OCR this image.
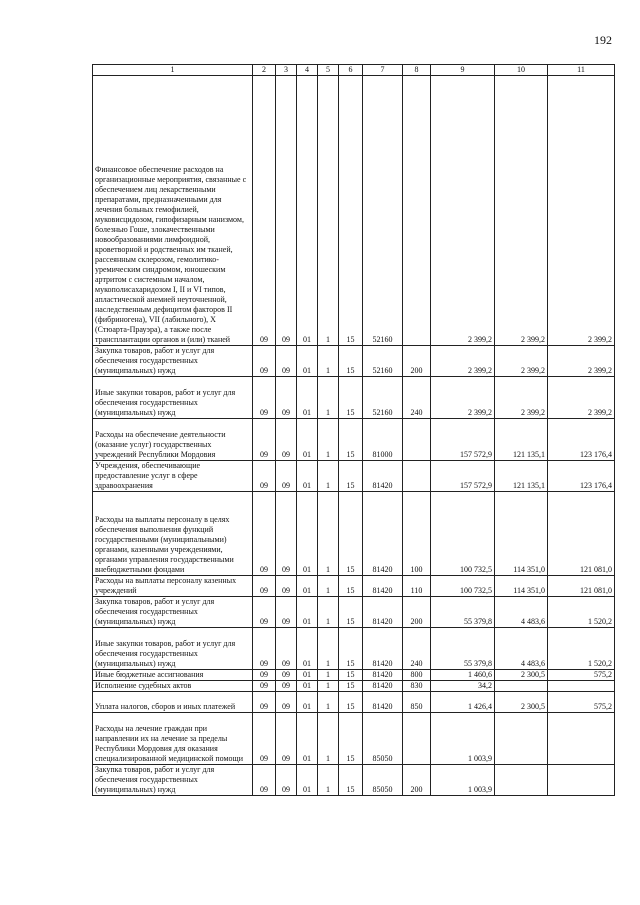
192
1	2	3	4	5	6	7	8	9	10	11
Финансовое обеспечение расходов на организационные мероприятия, связанные с обеспечением лиц лекарственными препаратами, предназначенными для лечения больных гемофилией, муковисцидозом, гипофизарным нанизмом, болезнью Гоше, злокачественными новообразованиями лимфоидной, кроветворной и родственных им тканей, рассеянным склерозом, гемолитико-уремическим синдромом, юношеским артритом с системным началом, мукополисахаридозом I, II и VI типов, апластической анемией неуточненной, наследственным дефицитом факторов II (фибриногена), VII (лабильного), X (Стюарта-Прауэра), а также после трансплантации органов и (или) тканей	09	09	01	1	15	52160		2 399,2	2 399,2	2 399,2
Закупка товаров, работ и услуг для обеспечения государственных (муниципальных) нужд	09	09	01	1	15	52160	200	2 399,2	2 399,2	2 399,2
Иные закупки товаров, работ и услуг для обеспечения государственных (муниципальных) нужд	09	09	01	1	15	52160	240	2 399,2	2 399,2	2 399,2
Расходы на обеспечение деятельности (оказание услуг) государственных учреждений Республики Мордовия	09	09	01	1	15	81000		157 572,9	121 135,1	123 176,4
Учреждения, обеспечивающие предоставление услуг в сфере здравоохранения	09	09	01	1	15	81420		157 572,9	121 135,1	123 176,4
Расходы на выплаты персоналу в целях обеспечения выполнения функций государственными (муниципальными) органами, казенными учреждениями, органами управления государственными внебюджетными фондами	09	09	01	1	15	81420	100	100 732,5	114 351,0	121 081,0
Расходы на выплаты персоналу казенных учреждений	09	09	01	1	15	81420	110	100 732,5	114 351,0	121 081,0
Закупка товаров, работ и услуг для обеспечения государственных (муниципальных) нужд	09	09	01	1	15	81420	200	55 379,8	4 483,6	1 520,2
Иные закупки товаров, работ и услуг для обеспечения государственных (муниципальных) нужд	09	09	01	1	15	81420	240	55 379,8	4 483,6	1 520,2
Иные бюджетные ассигнования	09	09	01	1	15	81420	800	1 460,6	2 300,5	575,2
Исполнение судебных актов	09	09	01	1	15	81420	830	34,2		
Уплата налогов, сборов и иных платежей	09	09	01	1	15	81420	850	1 426,4	2 300,5	575,2
Расходы на лечение граждан при направлении их на лечение за пределы Республики Мордовия для оказания специализированной медицинской помощи	09	09	01	1	15	85050		1 003,9		
Закупка товаров, работ и услуг для обеспечения государственных (муниципальных) нужд	09	09	01	1	15	85050	200	1 003,9		
